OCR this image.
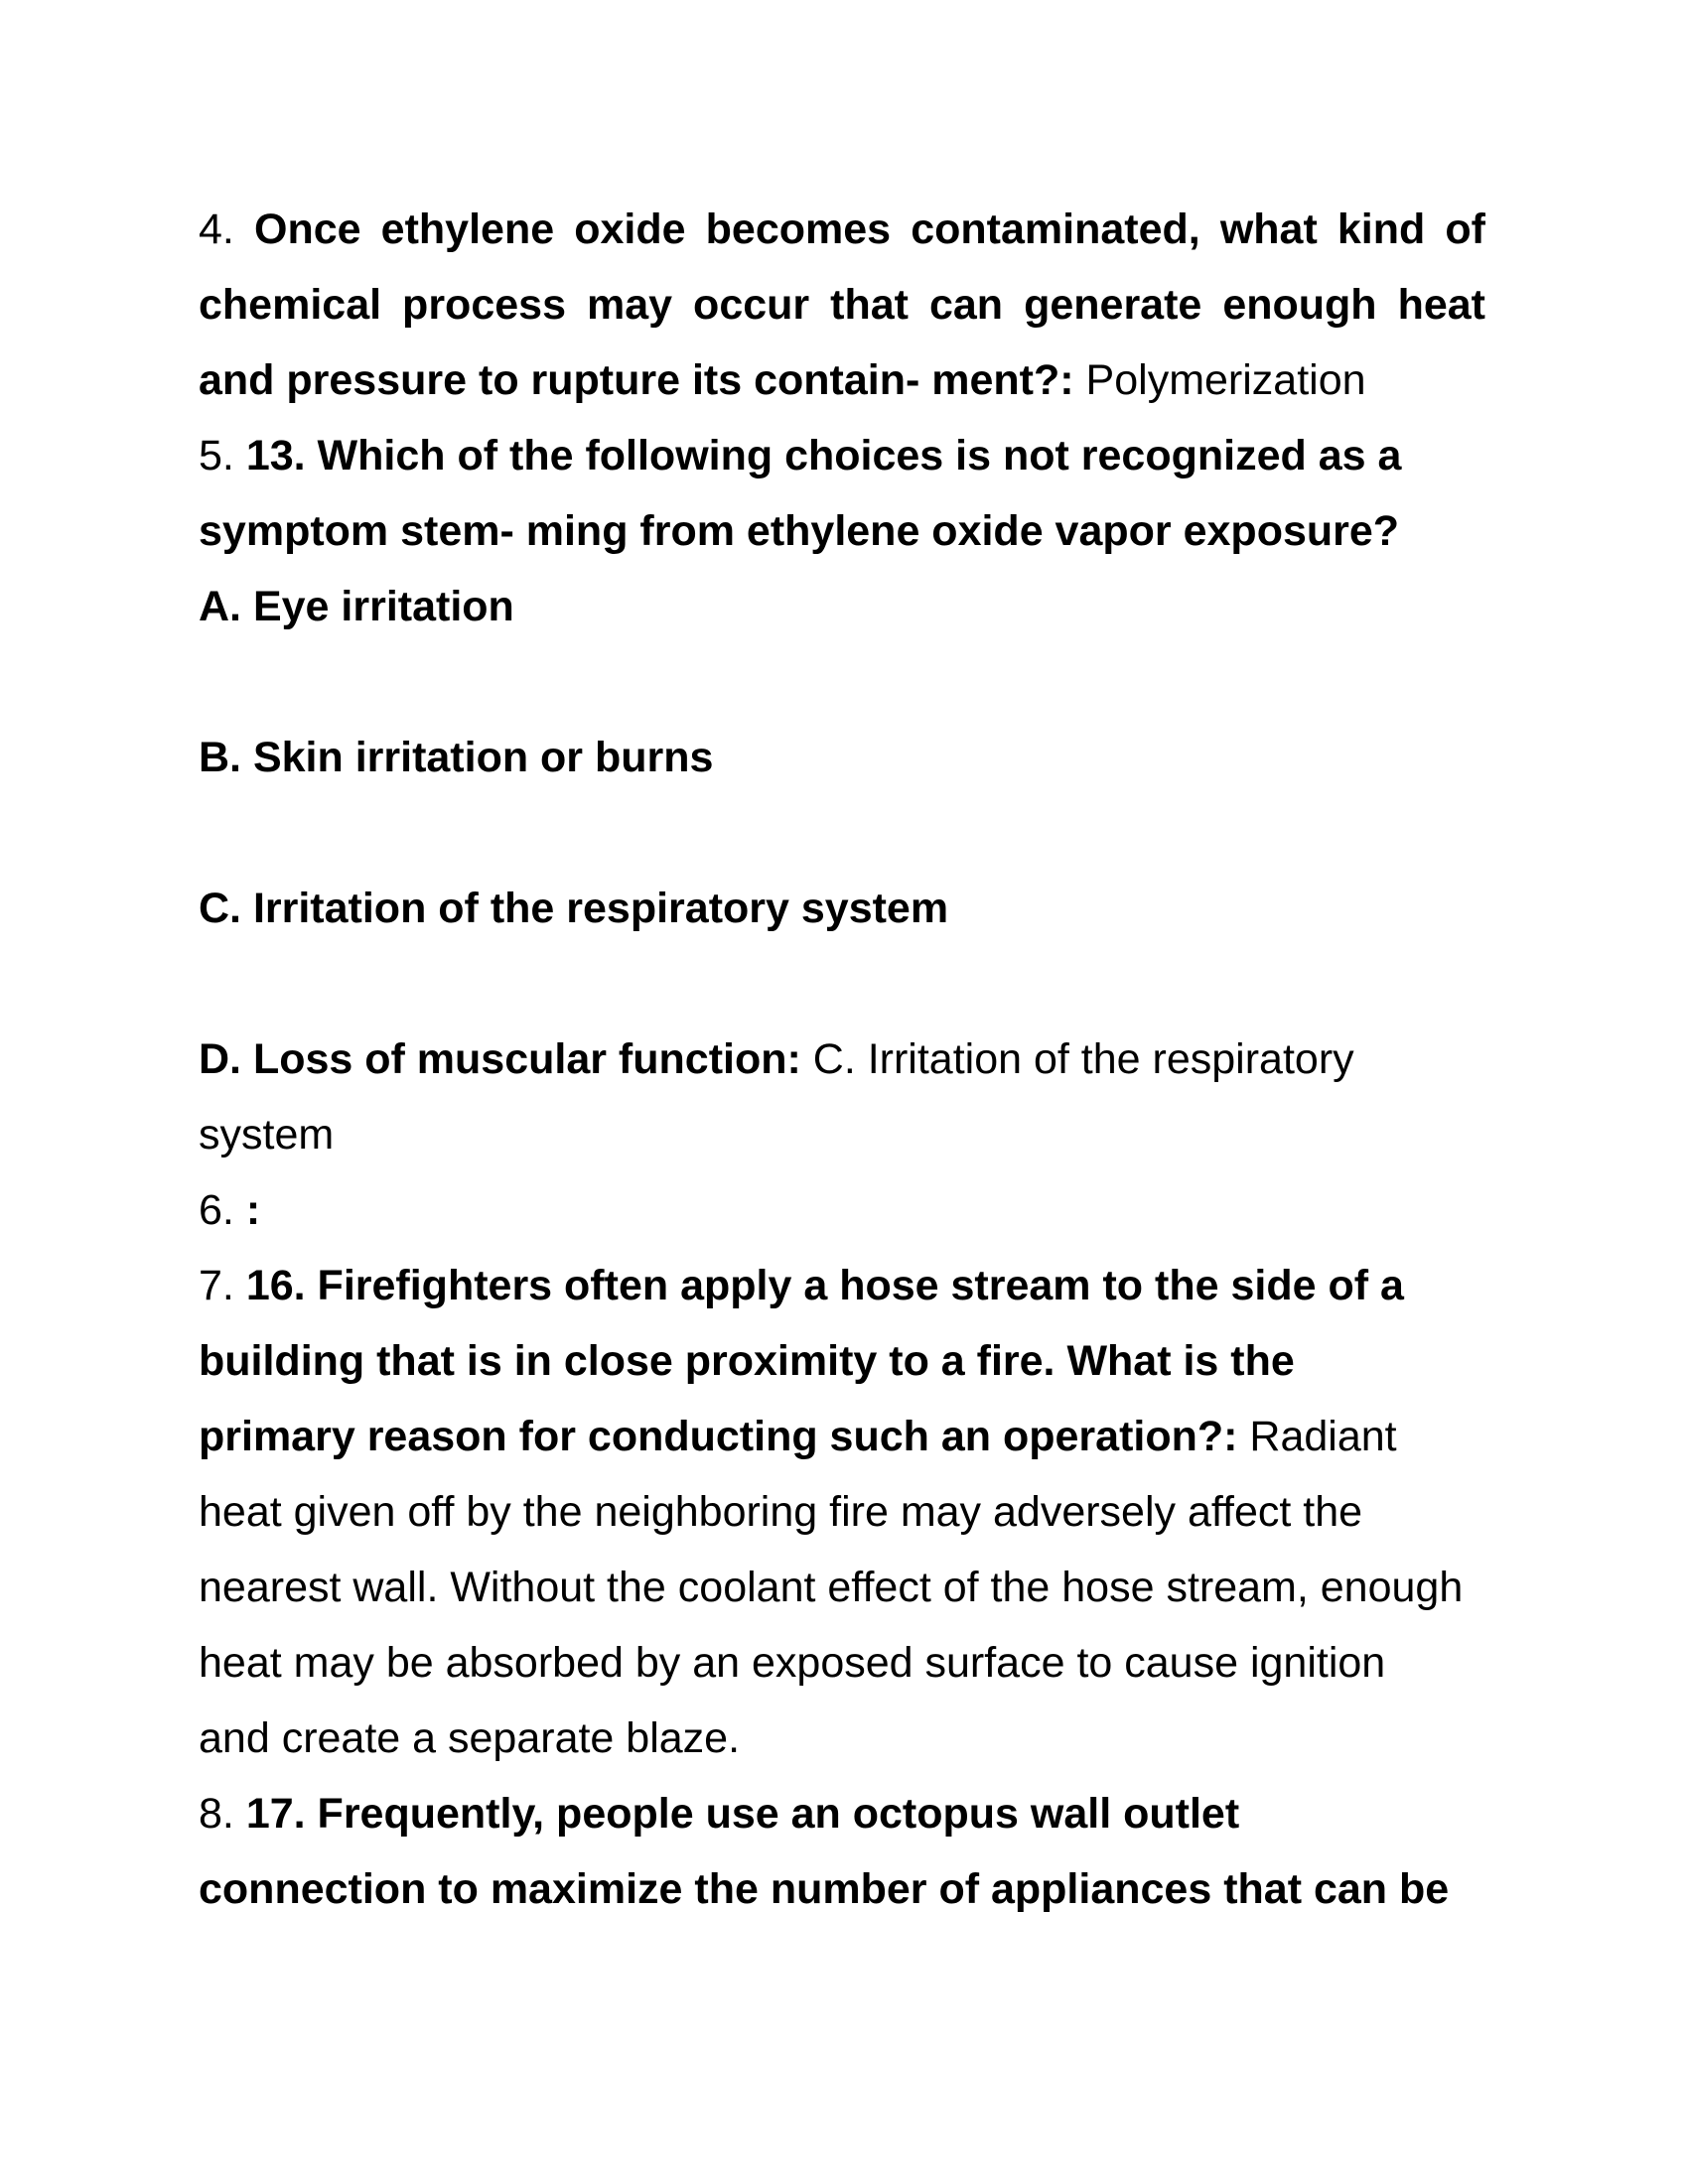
4. Once ethylene oxide becomes contaminated, what kind of
chemical process may occur that can generate enough heat
and pressure to rupture its contain- ment?: Polymerization
5. 13. Which of the following choices is not recognized as a
symptom stem- ming from ethylene oxide vapor exposure?
A. Eye irritation
B. Skin irritation or burns
C. Irritation of the respiratory system
D. Loss of muscular function: C. Irritation of the respiratory
system
6. :
7. 16. Firefighters often apply a hose stream to the side of a
building that is in close proximity to a fire. What is the
primary reason for conducting such an operation?: Radiant
heat given off by the neighboring fire may adversely affect the
nearest wall. Without the coolant effect of the hose stream, enough
heat may be absorbed by an exposed surface to cause ignition
and create a separate blaze.
8. 17. Frequently, people use an octopus wall outlet
connection to maximize the number of appliances that can be
